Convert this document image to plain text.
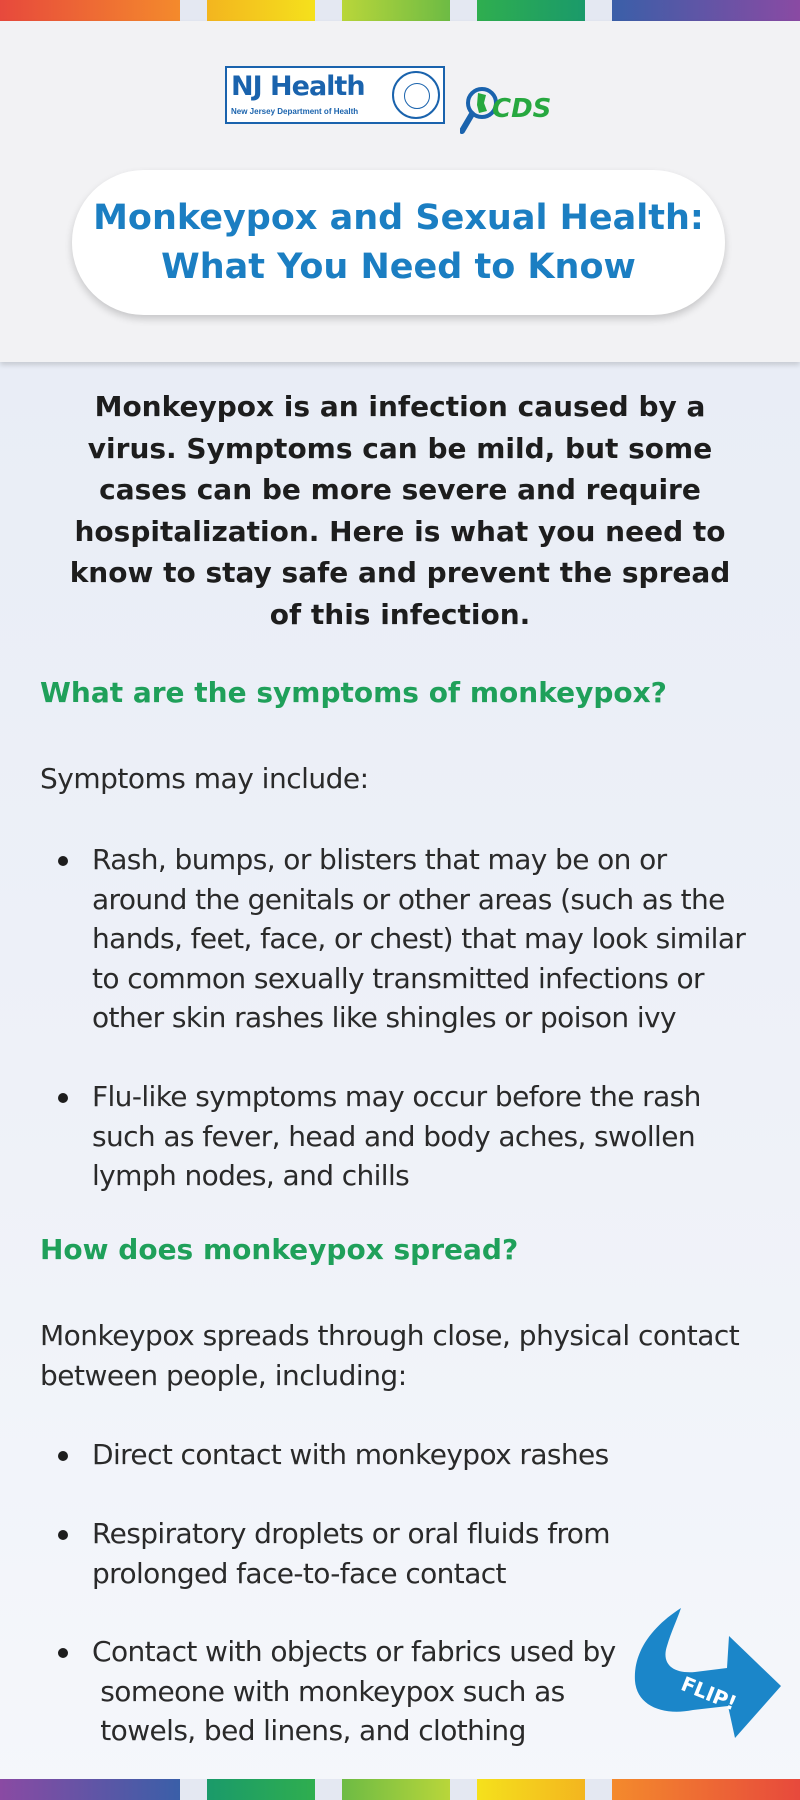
NJ Health
New Jersey Department of Health	CDS
Monkeypox and Sexual Health:
What You Need to Know

Monkeypox is an infection caused by a
virus. Symptoms can be mild, but some
cases can be more severe and require
hospitalization. Here is what you need to
know to stay safe and prevent the spread
of this infection.

What are the symptoms of monkeypox?

Symptoms may include:

Rash, bumps, or blisters that may be on or
around the genitals or other areas (such as the
hands, feet, face, or chest) that may look similar
to common sexually transmitted infections or
other skin rashes like shingles or poison ivy
Flu-like symptoms may occur before the rash
such as fever, head and body aches, swollen
lymph nodes, and chills
How does monkeypox spread?

Monkeypox spreads through close, physical contact
between people, including:

Direct contact with monkeypox rashes
Respiratory droplets or oral fluids from
prolonged face-to-face contact
Contact with objects or fabrics used by
someone with monkeypox such as
towels, bed linens, and clothing
FLIP!
